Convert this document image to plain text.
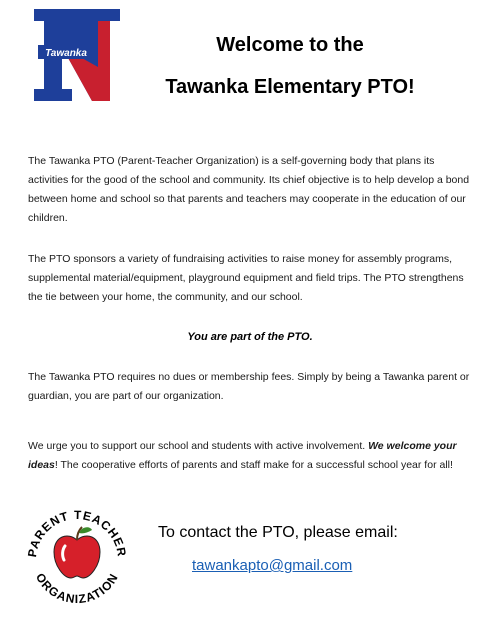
Tawanka	Welcome to the
Tawanka Elementary PTO!
The Tawanka PTO (Parent-Teacher Organization) is a self-governing body that plans its activities for the good of the school and community. Its chief objective is to help develop a bond between home and school so that parents and teachers may cooperate in the education of our children.
The PTO sponsors a variety of fundraising activities to raise money for assembly programs, supplemental material/equipment, playground equipment and field trips. The PTO strengthens the tie between your home, the community, and our school.
You are part of the PTO.
The Tawanka PTO requires no dues or membership fees. Simply by being a Tawanka parent or guardian, you are part of our organization.
We urge you to support our school and students with active involvement. We welcome your ideas! The cooperative efforts of parents and staff make for a successful school year for all!
PARENT TEACHER
ORGANIZATION
To contact the PTO, please email:
tawankapto@gmail.com
